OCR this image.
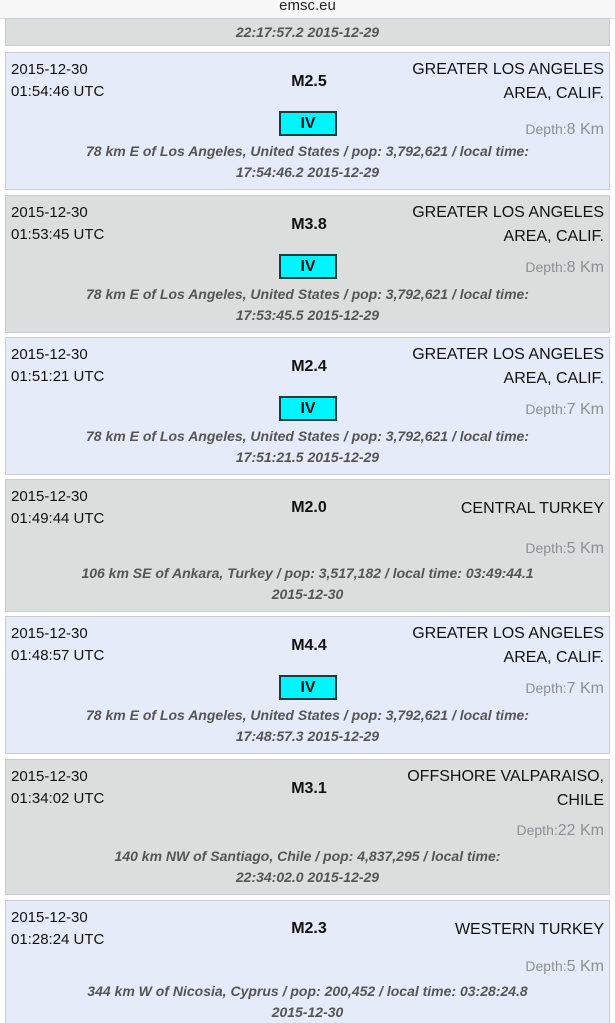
emsc.eu
22:17:57.2 2015-12-29
2015-12-30
01:54:46 UTC
M2.5
GREATER LOS ANGELES
AREA, CALIF.
IV	Depth:8 Km
78 km E of Los Angeles, United States / pop: 3,792,621 / local time:
17:54:46.2 2015-12-29
2015-12-30
01:53:45 UTC
M3.8
GREATER LOS ANGELES
AREA, CALIF.
IV	Depth:8 Km
78 km E of Los Angeles, United States / pop: 3,792,621 / local time:
17:53:45.5 2015-12-29
2015-12-30
01:51:21 UTC
M2.4
GREATER LOS ANGELES
AREA, CALIF.
IV	Depth:7 Km
78 km E of Los Angeles, United States / pop: 3,792,621 / local time:
17:51:21.5 2015-12-29
2015-12-30
01:49:44 UTC
M2.0	CENTRAL TURKEY
Depth:5 Km
106 km SE of Ankara, Turkey / pop: 3,517,182 / local time: 03:49:44.1
2015-12-30
2015-12-30
01:48:57 UTC
M4.4
GREATER LOS ANGELES
AREA, CALIF.
IV	Depth:7 Km
78 km E of Los Angeles, United States / pop: 3,792,621 / local time:
17:48:57.3 2015-12-29
2015-12-30
01:34:02 UTC
M3.1
OFFSHORE VALPARAISO,
CHILE
Depth:22 Km
140 km NW of Santiago, Chile / pop: 4,837,295 / local time:
22:34:02.0 2015-12-29
2015-12-30
01:28:24 UTC
M2.3	WESTERN TURKEY
Depth:5 Km
344 km W of Nicosia, Cyprus / pop: 200,452 / local time: 03:28:24.8
2015-12-30
